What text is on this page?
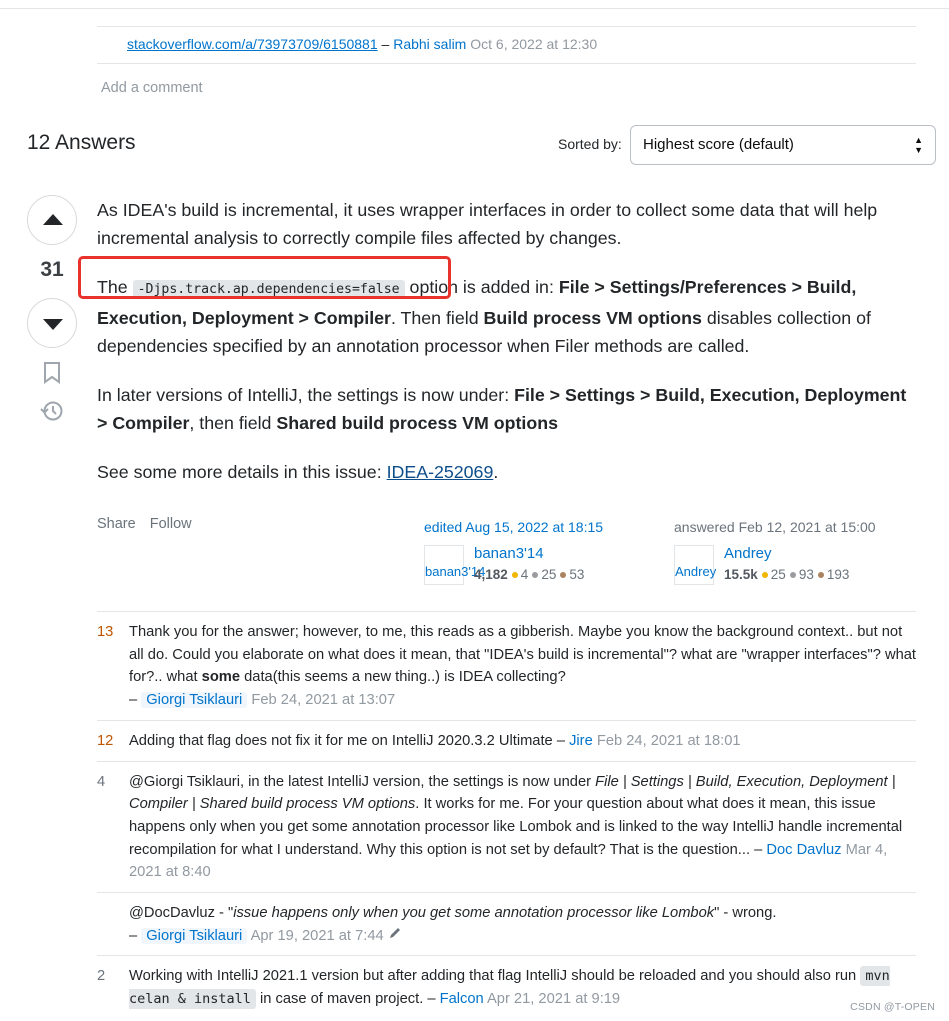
stackoverflow.com/a/73973709/6150881 – Rabhi salim Oct 6, 2022 at 12:30
Add a comment
12 Answers	Sorted by:	Highest score (default)	▲
▼
31

As IDEA's build is incremental, it uses wrapper interfaces in order to collect some data that will help incremental analysis to correctly compile files affected by changes.

The -Djps.track.ap.dependencies=false option is added in: File > Settings/Preferences > Build, Execution, Deployment > Compiler. Then field Build process VM options disables collection of dependencies specified by an annotation processor when Filer methods are called.

In later versions of IntelliJ, the settings is now under: File > Settings > Build, Execution, Deployment > Compiler, then field Shared build process VM options

See some more details in this issue: IDEA-252069.

Share Follow	edited Aug 15, 2022 at 18:15
banan3'14
banan3'14
4,182 4 25 53
answered Feb 12, 2021 at 15:00
Andrey
Andrey
15.5k 25 93 193
13 Thank you for the answer; however, to me, this reads as a gibberish. Maybe you know the background context.. but not all do. Could you elaborate on what does it mean, that "IDEA's build is incremental"? what are "wrapper interfaces"? what for?.. what some data(this seems a new thing..) is IDEA collecting?
– Giorgi Tsiklauri Feb 24, 2021 at 13:07
12 Adding that flag does not fix it for me on IntelliJ 2020.3.2 Ultimate – Jire Feb 24, 2021 at 18:01
4 @Giorgi Tsiklauri, in the latest IntelliJ version, the settings is now under File | Settings | Build, Execution, Deployment | Compiler | Shared build process VM options. It works for me. For your question about what does it mean, this issue happens only when you get some annotation processor like Lombok and is linked to the way IntelliJ handle incremental recompilation for what I understand. Why this option is not set by default? That is the question... – Doc Davluz Mar 4, 2021 at 8:40
@DocDavluz - "issue happens only when you get some annotation processor like Lombok" - wrong.
– Giorgi Tsiklauri Apr 19, 2021 at 7:44
2 Working with IntelliJ 2021.1 version but after adding that flag IntelliJ should be reloaded and you should also run mvn celan & install in case of maven project. – Falcon Apr 21, 2021 at 9:19	CSDN @T-OPEN
